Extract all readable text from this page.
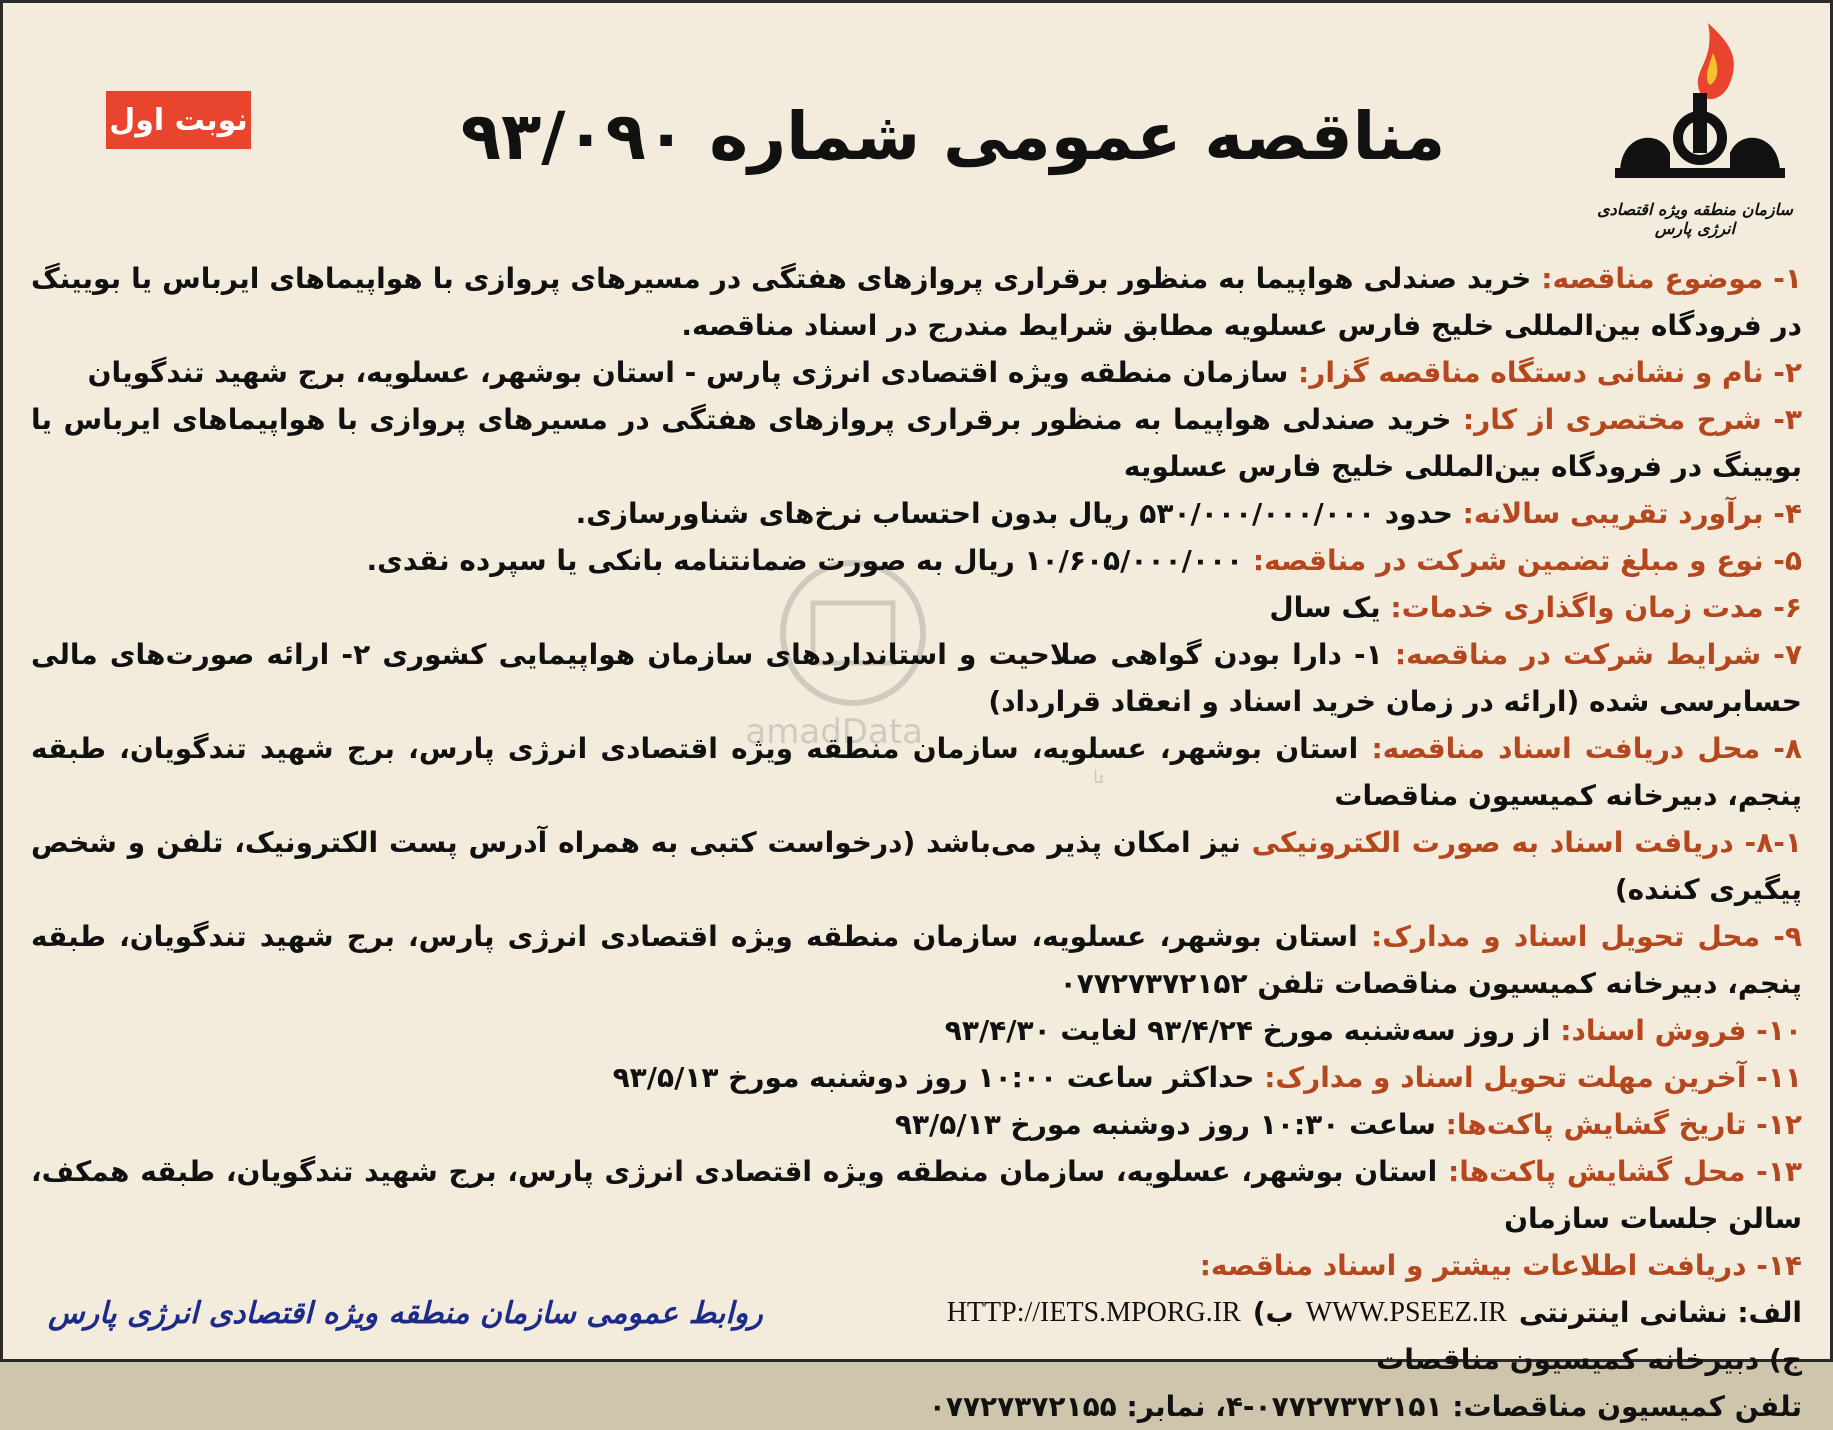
نوبت اول	مناقصه عمومی شماره ۹۳/۰۹۰
سازمان منطقه ویژه اقتصادی انرژی پارس
amadData
ا

۱- موضوع مناقصه: خرید صندلی هواپیما به منظور برقراری پروازهای هفتگی در مسیرهای پروازی با هواپیماهای ایرباس یا بویینگ در فرودگاه بین‌المللی خلیج فارس عسلویه مطابق شرایط مندرج در اسناد مناقصه.

۲- نام و نشانی دستگاه مناقصه گزار: سازمان منطقه ویژه اقتصادی انرژی پارس - استان بوشهر، عسلویه، برج شهید تندگویان

۳- شرح مختصری از کار: خرید صندلی هواپیما به منظور برقراری پروازهای هفتگی در مسیرهای پروازی با هواپیماهای ایرباس یا بویینگ در فرودگاه بین‌المللی خلیج فارس عسلویه

۴- برآورد تقریبی سالانه: حدود ۵۳۰/۰۰۰/۰۰۰/۰۰۰ ریال بدون احتساب نرخ‌های شناورسازی.

۵- نوع و مبلغ تضمین شرکت در مناقصه: ۱۰/۶۰۵/۰۰۰/۰۰۰ ریال به صورت ضمانتنامه بانکی یا سپرده نقدی.

۶- مدت زمان واگذاری خدمات: یک سال

۷- شرایط شرکت در مناقصه: ۱- دارا بودن گواهی صلاحیت و استانداردهای سازمان هواپیمایی کشوری ۲- ارائه صورت‌های مالی حسابرسی شده (ارائه در زمان خرید اسناد و انعقاد قرارداد)

۸- محل دریافت اسناد مناقصه: استان بوشهر، عسلویه، سازمان منطقه ویژه اقتصادی انرژی پارس، برج شهید تندگویان، طبقه پنجم، دبیرخانه کمیسیون مناقصات

۸-۱- دریافت اسناد به صورت الکترونیکی نیز امکان پذیر می‌باشد (درخواست کتبی به همراه آدرس پست الکترونیک، تلفن و شخص پیگیری کننده)

۹- محل تحویل اسناد و مدارک: استان بوشهر، عسلویه، سازمان منطقه ویژه اقتصادی انرژی پارس، برج شهید تندگویان، طبقه پنجم، دبیرخانه کمیسیون مناقصات تلفن ۰۷۷۲۷۳۷۲۱۵۲

۱۰- فروش اسناد: از روز سه‌شنبه مورخ ۹۳/۴/۲۴ لغایت ۹۳/۴/۳۰

۱۱- آخرین مهلت تحویل اسناد و مدارک: حداکثر ساعت ۱۰:۰۰ روز دوشنبه مورخ ۹۳/۵/۱۳

۱۲- تاریخ گشایش پاکت‌ها: ساعت ۱۰:۳۰ روز دوشنبه مورخ ۹۳/۵/۱۳

۱۳- محل گشایش پاکت‌ها: استان بوشهر، عسلویه، سازمان منطقه ویژه اقتصادی انرژی پارس، برج شهید تندگویان، طبقه همکف، سالن جلسات سازمان

۱۴- دریافت اطلاعات بیشتر و اسناد مناقصه:

الف: نشانی اینترنتی
WWW.PSEEZ.IR
ب)
HTTP://IETS.MPORG.IR

ج) دبیرخانه کمیسیون مناقصات

تلفن کمیسیون مناقصات: ۰۷۷۲۷۳۷۲۱۵۱-۴، نمابر: ۰۷۷۲۷۳۷۲۱۵۵

روابط عمومی سازمان منطقه ویژه اقتصادی انرژی پارس
